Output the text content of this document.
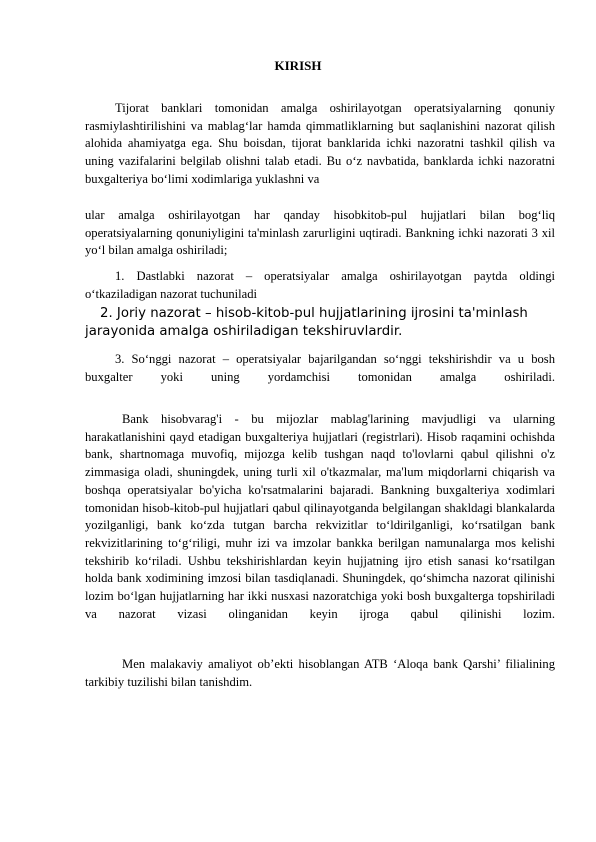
KIRISH

Tijorat banklari tomonidan amalga oshirilayotgan operatsiyalarning qonuniy rasmiylashtirilishini va mablag‘lar hamda qimmatliklarning but saqlanishini nazorat qilish alohida ahamiyatga ega. Shu boisdan, tijorat banklarida ichki nazoratni tashkil qilish va uning vazifalarini belgilab olishni talab etadi. Bu o‘z navbatida, banklarda ichki nazoratni buxgalteriya bo‘limi xodimlariga yuklashni va

ular amalga oshirilayotgan har qanday hisobkitob-pul hujjatlari bilan bog‘liq operatsiyalarning qonuniyligini ta'minlash zarurligini uqtiradi. Bankning ichki nazorati 3 xil yo‘l bilan amalga oshiriladi;

1. Dastlabki nazorat – operatsiyalar amalga oshirilayotgan paytda oldingi o‘tkaziladigan nazorat tuchuniladi

2. Joriy nazorat – hisob-kitob-pul hujjatlarining ijrosini ta'minlash jarayonida amalga oshiriladigan tekshiruvlardir.

3. So‘nggi nazorat – operatsiyalar bajarilgandan so‘nggi tekshirishdir va u bosh buxgalter yoki uning yordamchisi tomonidan amalga oshiriladi.

Bank hisobvarag'i - bu mijozlar mablag'larining mavjudligi va ularning harakatlanishini qayd etadigan buxgalteriya hujjatlari (registrlari). Hisob raqamini ochishda bank, shartnomaga muvofiq, mijozga kelib tushgan naqd to'lovlarni qabul qilishni o'z zimmasiga oladi, shuningdek, uning turli xil o'tkazmalar, ma'lum miqdorlarni chiqarish va boshqa operatsiyalar bo'yicha ko'rsatmalarini bajaradi. Bankning buxgalteriya xodimlari tomonidan hisob-kitob-pul hujjatlari qabul qilinayotganda belgilangan shakldagi blankalarda yozilganligi, bank ko‘zda tutgan barcha rekvizitlar to‘ldirilganligi, ko‘rsatilgan bank rekvizitlarining to‘g‘riligi, muhr izi va imzolar bankka berilgan namunalarga mos kelishi tekshirib ko‘riladi. Ushbu tekshirishlardan keyin hujjatning ijro etish sanasi ko‘rsatilgan holda bank xodimining imzosi bilan tasdiqlanadi. Shuningdek, qo‘shimcha nazorat qilinishi lozim bo‘lgan hujjatlarning har ikki nusxasi nazoratchiga yoki bosh buxgalterga topshiriladi va nazorat vizasi olinganidan keyin ijroga qabul qilinishi lozim.

Men malakaviy amaliyot ob’ekti hisoblangan ATB ‘Aloqa bank Qarshi’ filialining tarkibiy tuzilishi bilan tanishdim.
